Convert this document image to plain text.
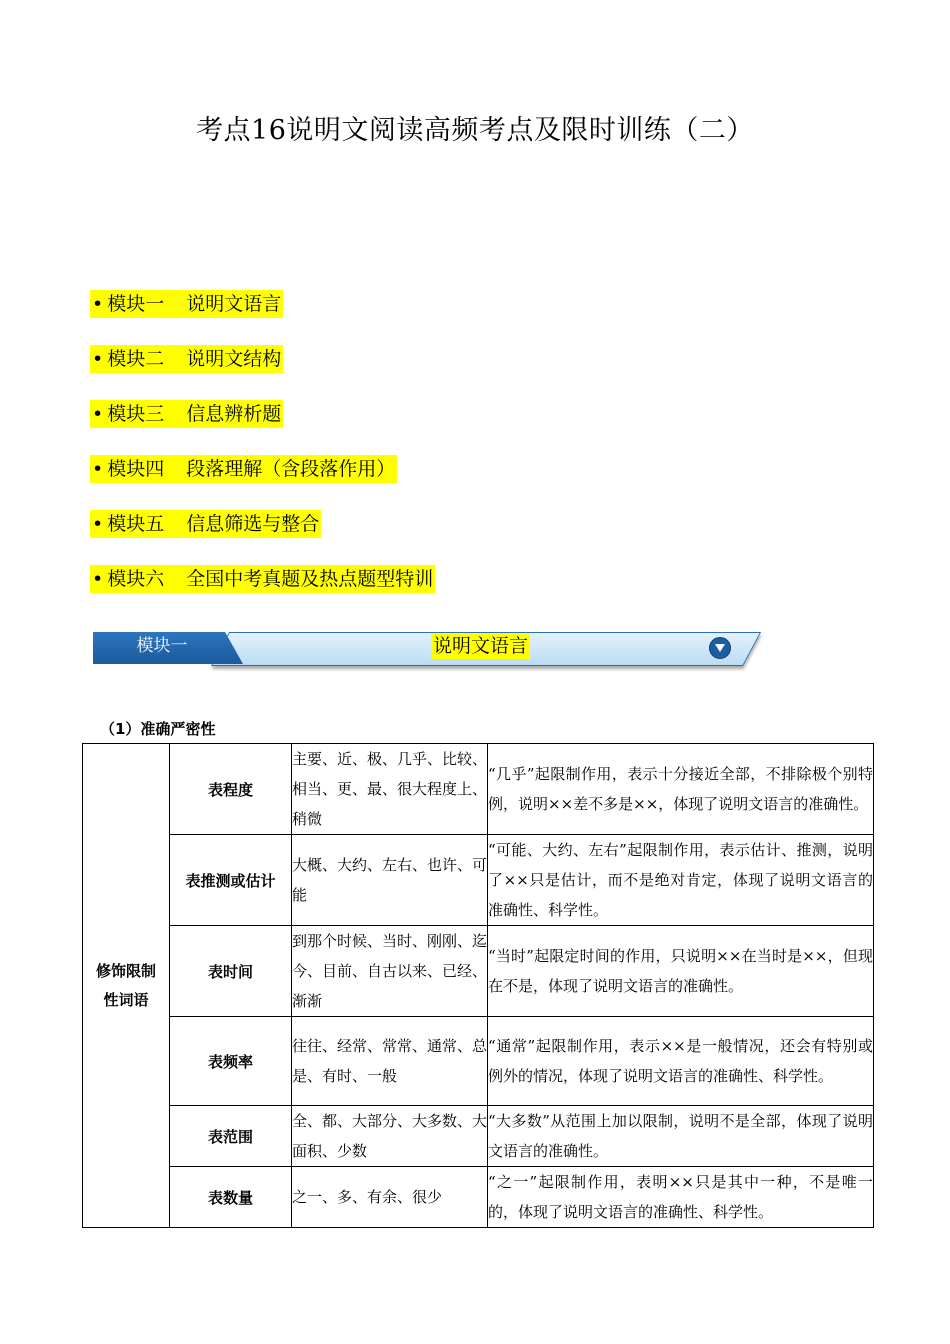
考点16说明文阅读高频考点及限时训练（二）
• 模块一 说明文语言
• 模块二 说明文结构
• 模块三 信息辨析题
• 模块四 段落理解（含段落作用）
• 模块五 信息筛选与整合
• 模块六 全国中考真题及热点题型特训
模块一	说明文语言
（1）准确严密性
修饰限制
性词语	表程度	主要、近、极、几乎、比较、相当、更、最、很大程度上、稍微	“几乎”起限制作用，表示十分接近全部，不排除极个别特例，说明××差不多是××，体现了说明文语言的准确性。
	表推测或估计	大概、大约、左右、也许、可能	“可能、大约、左右”起限制作用，表示估计、推测，说明了××只是估计，而不是绝对肯定，体现了说明文语言的准确性、科学性。
	表时间	到那个时候、当时、刚刚、迄今、目前、自古以来、已经、渐渐	“当时”起限定时间的作用，只说明××在当时是××，但现在不是，体现了说明文语言的准确性。
	表频率	往往、经常、常常、通常、总是、有时、一般	“通常”起限制作用，表示××是一般情况，还会有特别或例外的情况，体现了说明文语言的准确性、科学性。
	表范围	全、都、大部分、大多数、大面积、少数	“大多数”从范围上加以限制，说明不是全部，体现了说明文语言的准确性。
	表数量	之一、多、有余、很少	“之一”起限制作用，表明××只是其中一种，不是唯一的，体现了说明文语言的准确性、科学性。
